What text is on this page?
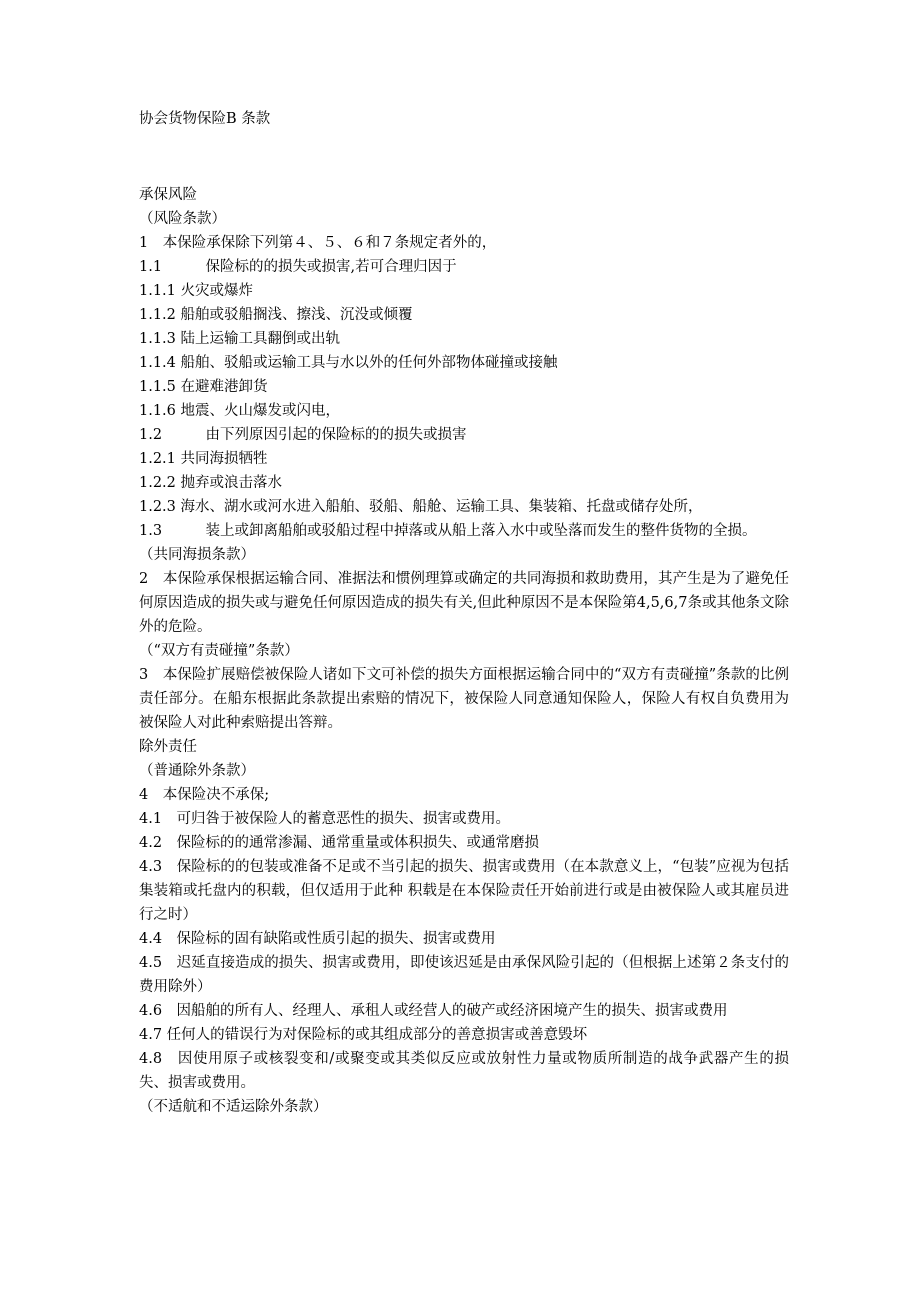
协会货物保险B 条款
承保风险
（风险条款）
1　本保险承保除下列第４、５、６和７条规定者外的，
1.1　　　保险标的的损失或损害,若可合理归因于
1.1.1 火灾或爆炸
1.1.2 船舶或驳船搁浅、擦浅、沉没或倾覆
1.1.3 陆上运输工具翻倒或出轨
1.1.4 船舶、驳船或运输工具与水以外的任何外部物体碰撞或接触
1.1.5 在避难港卸货
1.1.6 地震、火山爆发或闪电，
1.2　　　由下列原因引起的保险标的的损失或损害
1.2.1 共同海损牺牲
1.2.2 抛弃或浪击落水
1.2.3 海水、湖水或河水进入船舶、驳船、船舱、运输工具、集装箱、托盘或储存处所，
1.3　　　装上或卸离船舶或驳船过程中掉落或从船上落入水中或坠落而发生的整件货物的全损。
（共同海损条款）
2　本保险承保根据运输合同、准据法和惯例理算或确定的共同海损和救助费用，其产生是为了避免任何原因造成的损失或与避免任何原因造成的损失有关,但此种原因不是本保险第4,5,6,7条或其他条文除外的危险。
（“双方有责碰撞”条款）
3　本保险扩展赔偿被保险人诸如下文可补偿的损失方面根据运输合同中的“双方有责碰撞”条款的比例责任部分。在船东根据此条款提出索赔的情况下，被保险人同意通知保险人，保险人有权自负费用为被保险人对此种索赔提出答辩。
除外责任
（普通除外条款）
4　本保险决不承保;
4.1　可归咎于被保险人的蓄意恶性的损失、损害或费用。
4.2　保险标的的通常渗漏、通常重量或体积损失、或通常磨损
4.3　保险标的的包装或准备不足或不当引起的损失、损害或费用（在本款意义上，“包装”应视为包括集装箱或托盘内的积载，但仅适用于此种 积载是在本保险责任开始前进行或是由被保险人或其雇员进行之时）
4.4　保险标的固有缺陷或性质引起的损失、损害或费用
4.5　迟延直接造成的损失、损害或费用，即使该迟延是由承保风险引起的（但根据上述第２条支付的费用除外）
4.6　因船舶的所有人、经理人、承租人或经营人的破产或经济困境产生的损失、损害或费用
4.7 任何人的错误行为对保险标的或其组成部分的善意损害或善意毁坏
4.8　因使用原子或核裂变和/或聚变或其类似反应或放射性力量或物质所制造的战争武器产生的损失、损害或费用。
（不适航和不适运除外条款）
